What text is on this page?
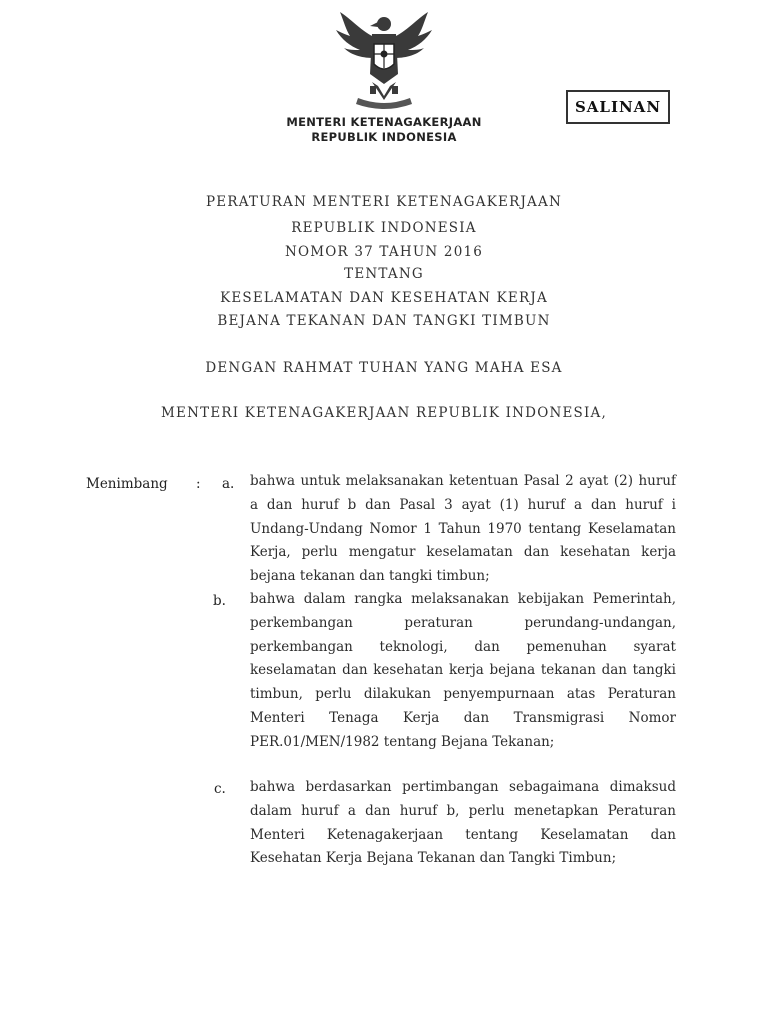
SALINAN
MENTERI KETENAGAKERJAAN
REPUBLIK INDONESIA
PERATURAN MENTERI KETENAGAKERJAAN
REPUBLIK INDONESIA
NOMOR 37 TAHUN 2016
TENTANG
KESELAMATAN DAN KESEHATAN KERJA
BEJANA TEKANAN DAN TANGKI TIMBUN
DENGAN RAHMAT TUHAN YANG MAHA ESA
MENTERI KETENAGAKERJAAN REPUBLIK INDONESIA,
Menimbang : a. bahwa untuk melaksanakan ketentuan Pasal 2 ayat (2) huruf a dan huruf b dan Pasal 3 ayat (1) huruf a dan huruf i Undang-Undang Nomor 1 Tahun 1970 tentang Keselamatan Kerja, perlu mengatur keselamatan dan kesehatan kerja bejana tekanan dan tangki timbun;
b. bahwa dalam rangka melaksanakan kebijakan Pemerintah, perkembangan peraturan perundang-undangan, perkembangan teknologi, dan pemenuhan syarat keselamatan dan kesehatan kerja bejana tekanan dan tangki timbun, perlu dilakukan penyempurnaan atas Peraturan Menteri Tenaga Kerja dan Transmigrasi Nomor PER.01/MEN/1982 tentang Bejana Tekanan;
c. bahwa berdasarkan pertimbangan sebagaimana dimaksud dalam huruf a dan huruf b, perlu menetapkan Peraturan Menteri Ketenagakerjaan tentang Keselamatan dan Kesehatan Kerja Bejana Tekanan dan Tangki Timbun;
